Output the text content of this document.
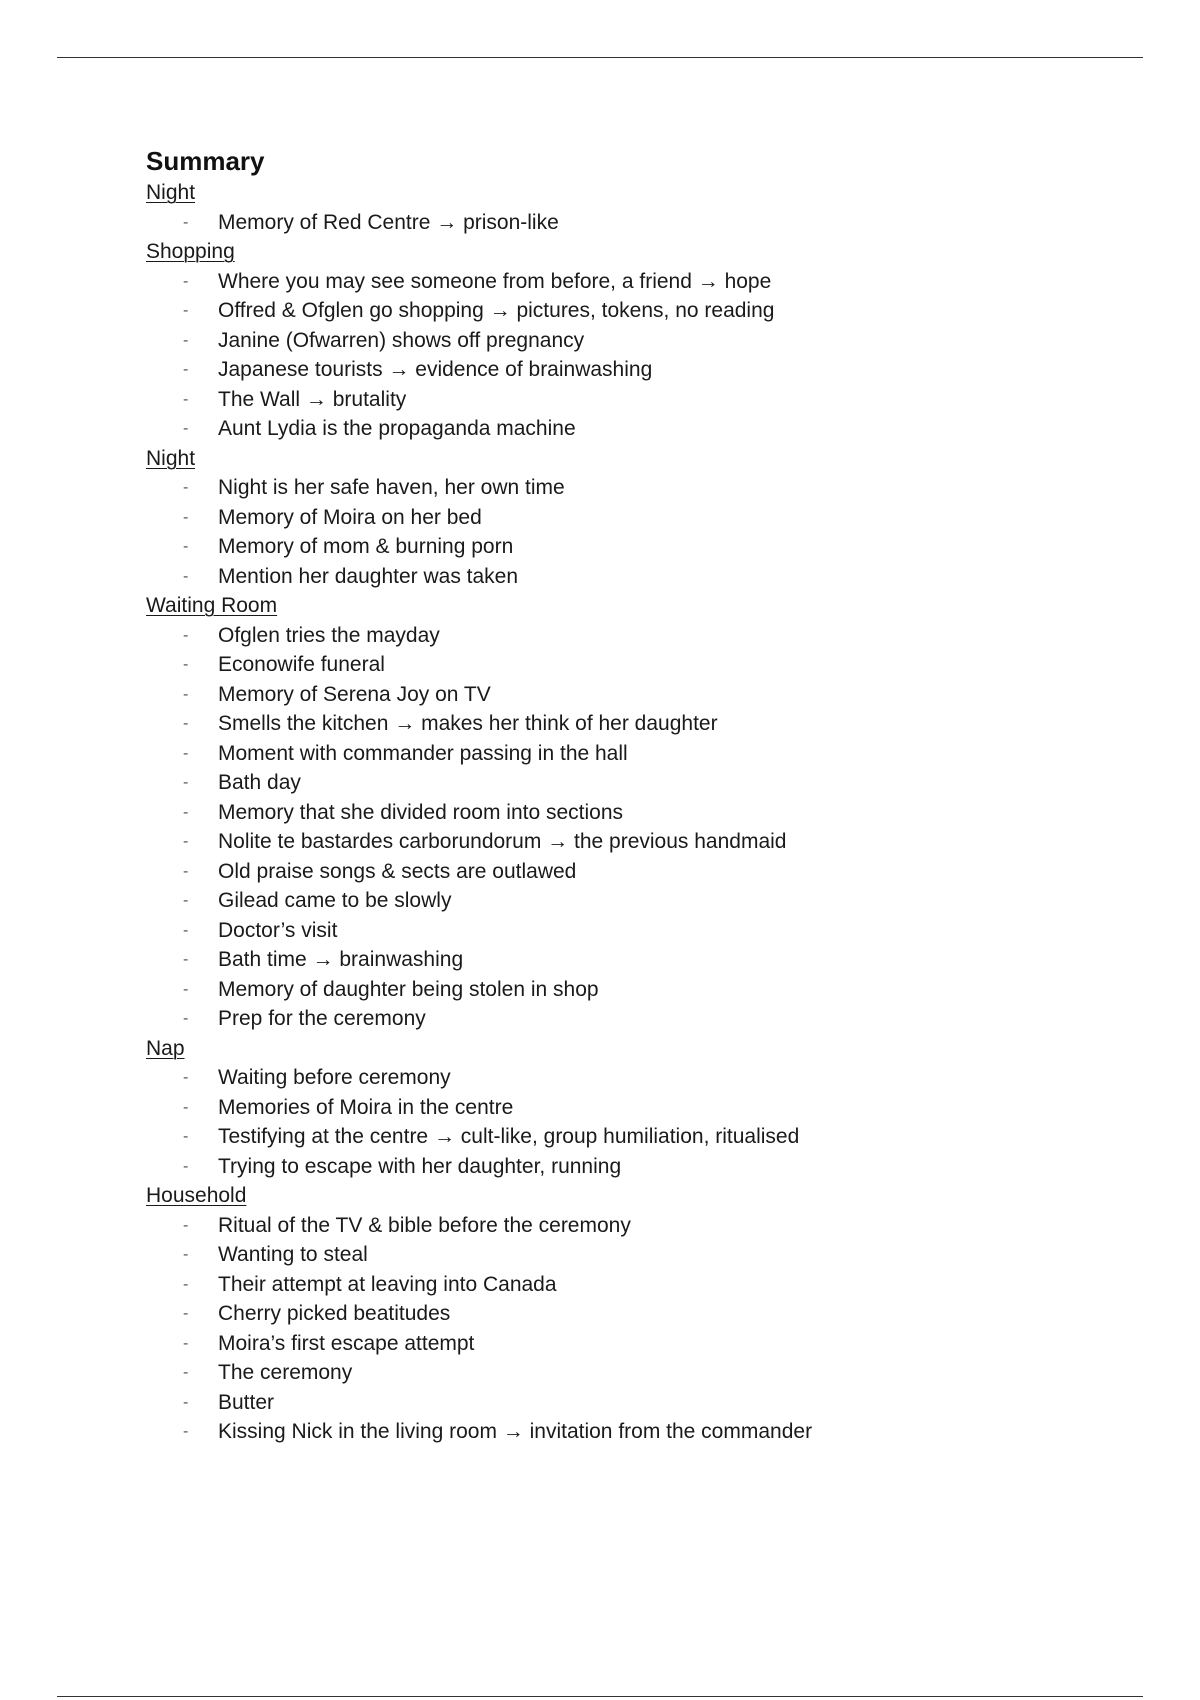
Summary
Night
- Memory of Red Centre → prison-like
Shopping
- Where you may see someone from before, a friend → hope
- Offred & Ofglen go shopping → pictures, tokens, no reading
- Janine (Ofwarren) shows off pregnancy
- Japanese tourists → evidence of brainwashing
- The Wall → brutality
- Aunt Lydia is the propaganda machine
Night
- Night is her safe haven, her own time
- Memory of Moira on her bed
- Memory of mom & burning porn
- Mention her daughter was taken
Waiting Room
- Ofglen tries the mayday
- Econowife funeral
- Memory of Serena Joy on TV
- Smells the kitchen → makes her think of her daughter
- Moment with commander passing in the hall
- Bath day
- Memory that she divided room into sections
- Nolite te bastardes carborundorum → the previous handmaid
- Old praise songs & sects are outlawed
- Gilead came to be slowly
- Doctor’s visit
- Bath time → brainwashing
- Memory of daughter being stolen in shop
- Prep for the ceremony
Nap
- Waiting before ceremony
- Memories of Moira in the centre
- Testifying at the centre → cult-like, group humiliation, ritualised
- Trying to escape with her daughter, running
Household
- Ritual of the TV & bible before the ceremony
- Wanting to steal
- Their attempt at leaving into Canada
- Cherry picked beatitudes
- Moira’s first escape attempt
- The ceremony
- Butter
- Kissing Nick in the living room → invitation from the commander
